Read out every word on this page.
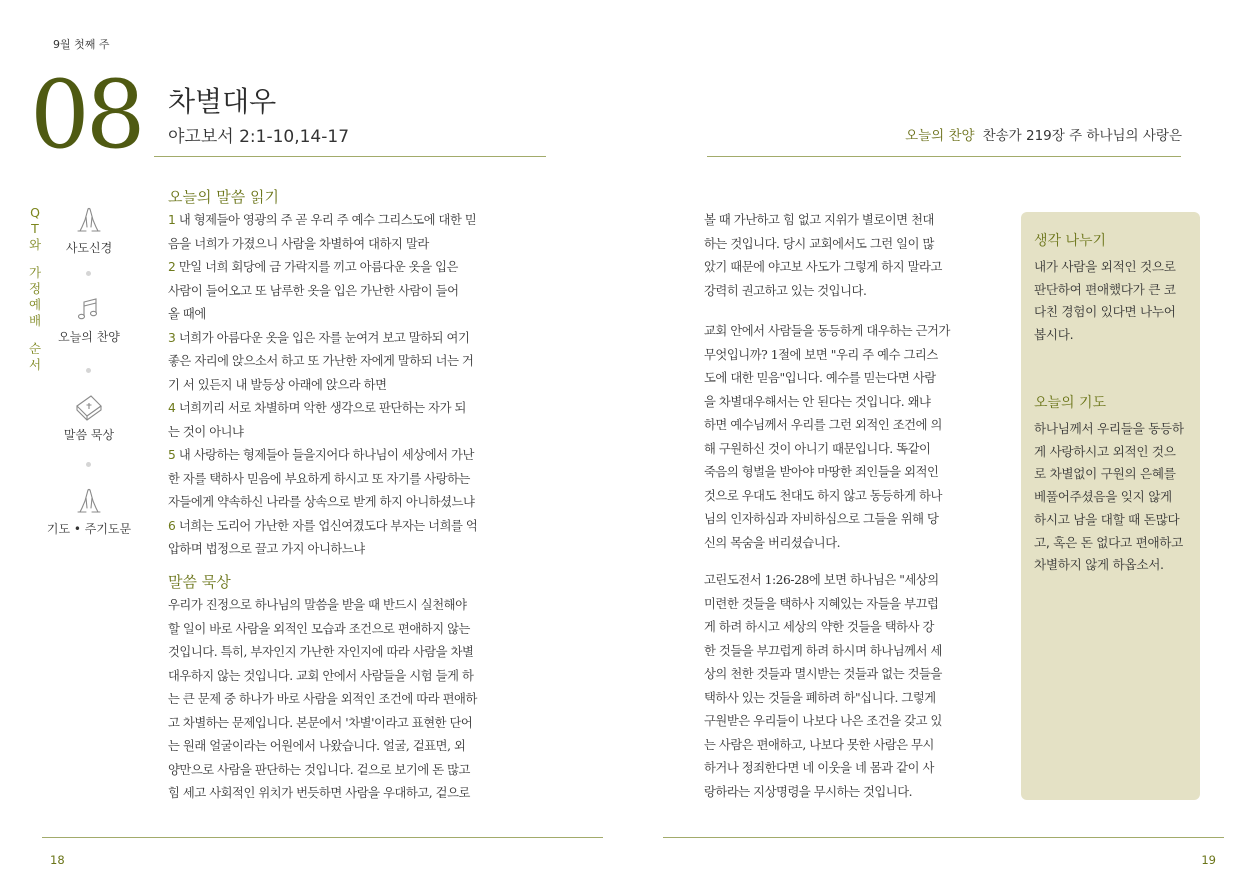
9월 첫째 주
08 차별대우
야고보서 2:1-10,14-17	오늘의 찬양 찬송가 219장 주 하나님의 사랑은
Q
T
와
가
정
예
배
순
서
사도신경
오늘의 찬양
말씀 묵상
기도 • 주기도문
오늘의 말씀 읽기
1 내 형제들아 영광의 주 곧 우리 주 예수 그리스도에 대한 믿
음을 너희가 가졌으니 사람을 차별하여 대하지 말라
2 만일 너희 회당에 금 가락지를 끼고 아름다운 옷을 입은
사람이 들어오고 또 남루한 옷을 입은 가난한 사람이 들어
올 때에
3 너희가 아름다운 옷을 입은 자를 눈여겨 보고 말하되 여기
좋은 자리에 앉으소서 하고 또 가난한 자에게 말하되 너는 거
기 서 있든지 내 발등상 아래에 앉으라 하면
4 너희끼리 서로 차별하며 악한 생각으로 판단하는 자가 되
는 것이 아니냐
5 내 사랑하는 형제들아 들을지어다 하나님이 세상에서 가난
한 자를 택하사 믿음에 부요하게 하시고 또 자기를 사랑하는
자들에게 약속하신 나라를 상속으로 받게 하지 아니하셨느냐
6 너희는 도리어 가난한 자를 업신여겼도다 부자는 너희를 억
압하며 법정으로 끌고 가지 아니하느냐
말씀 묵상
우리가 진정으로 하나님의 말씀을 받을 때 반드시 실천해야
할 일이 바로 사람을 외적인 모습과 조건으로 편애하지 않는
것입니다. 특히, 부자인지 가난한 자인지에 따라 사람을 차별
대우하지 않는 것입니다. 교회 안에서 사람들을 시험 들게 하
는 큰 문제 중 하나가 바로 사람을 외적인 조건에 따라 편애하
고 차별하는 문제입니다. 본문에서 '차별'이라고 표현한 단어
는 원래 얼굴이라는 어원에서 나왔습니다. 얼굴, 겉표면, 외
양만으로 사람을 판단하는 것입니다. 겉으로 보기에 돈 많고
힘 세고 사회적인 위치가 번듯하면 사람을 우대하고, 겉으로
볼 때 가난하고 힘 없고 지위가 별로이면 천대
하는 것입니다. 당시 교회에서도 그런 일이 많
았기 때문에 야고보 사도가 그렇게 하지 말라고
강력히 권고하고 있는 것입니다.
교회 안에서 사람들을 동등하게 대우하는 근거가
무엇입니까? 1절에 보면 "우리 주 예수 그리스
도에 대한 믿음"입니다. 예수를 믿는다면 사람
을 차별대우해서는 안 된다는 것입니다. 왜냐
하면 예수님께서 우리를 그런 외적인 조건에 의
해 구원하신 것이 아니기 때문입니다. 똑같이
죽음의 형벌을 받아야 마땅한 죄인들을 외적인
것으로 우대도 천대도 하지 않고 동등하게 하나
님의 인자하심과 자비하심으로 그들을 위해 당
신의 목숨을 버리셨습니다.
고린도전서 1:26-28에 보면 하나님은 "세상의
미련한 것들을 택하사 지혜있는 자들을 부끄럽
게 하려 하시고 세상의 약한 것들을 택하사 강
한 것들을 부끄럽게 하려 하시며 하나님께서 세
상의 천한 것들과 멸시받는 것들과 없는 것들을
택하사 있는 것들을 폐하려 하"십니다. 그렇게
구원받은 우리들이 나보다 나은 조건을 갖고 있
는 사람은 편애하고, 나보다 못한 사람은 무시
하거나 정죄한다면 네 이웃을 네 몸과 같이 사
랑하라는 지상명령을 무시하는 것입니다.
생각 나누기
내가 사람을 외적인 것으로
판단하여 편애했다가 큰 코
다친 경험이 있다면 나누어
봅시다.
오늘의 기도
하나님께서 우리들을 동등하
게 사랑하시고 외적인 것으
로 차별없이 구원의 은혜를
베풀어주셨음을 잊지 않게
하시고 남을 대할 때 돈많다
고, 혹은 돈 없다고 편애하고
차별하지 않게 하옵소서.
18	19
